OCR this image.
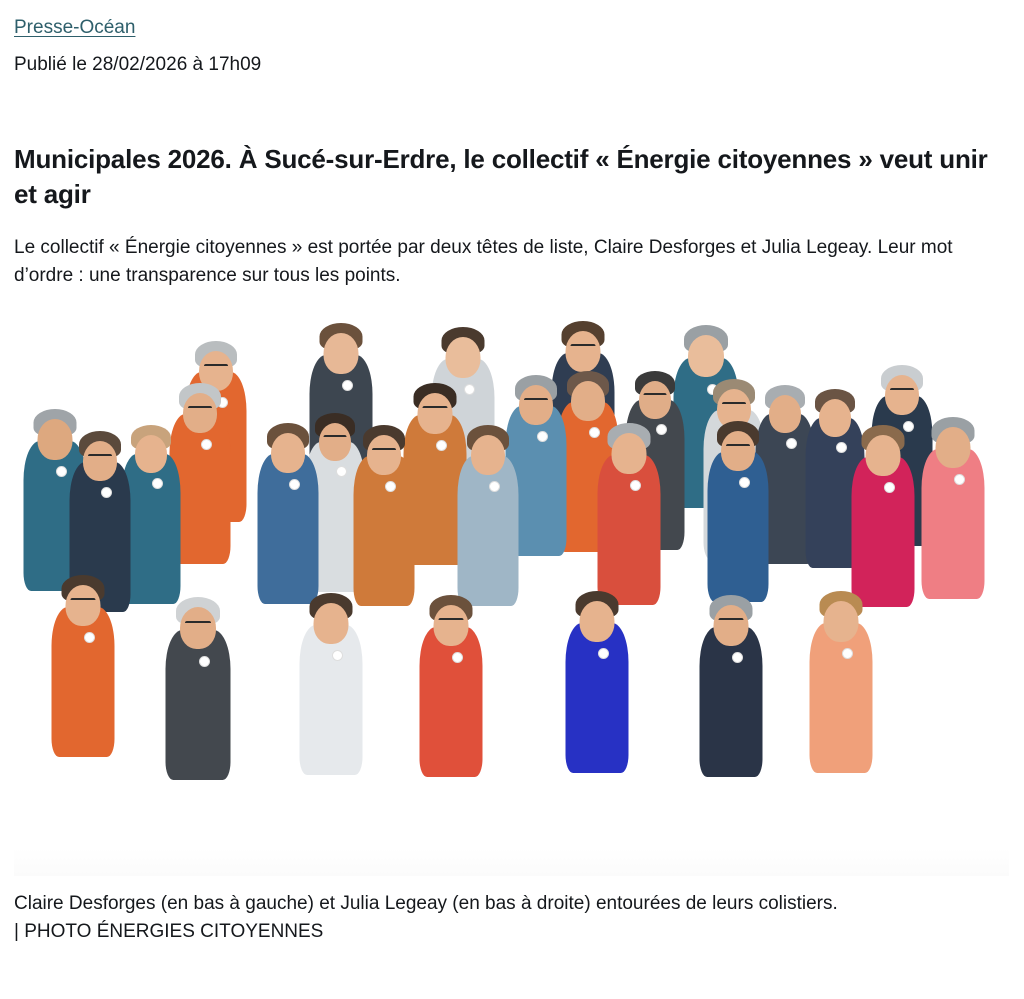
Presse-Océan
Publié le 28/02/2026 à 17h09
Municipales 2026. À Sucé-sur-Erdre, le collectif « Énergie citoyennes » veut unir et agir

Le collectif « Énergie citoyennes » est portée par deux têtes de liste, Claire Desforges et Julia Legeay. Leur mot d’ordre : une transparence sur tous les points.

Claire Desforges (en bas à gauche) et Julia Legeay (en bas à droite) entourées de leurs colistiers.
| PHOTO ÉNERGIES CITOYENNES
